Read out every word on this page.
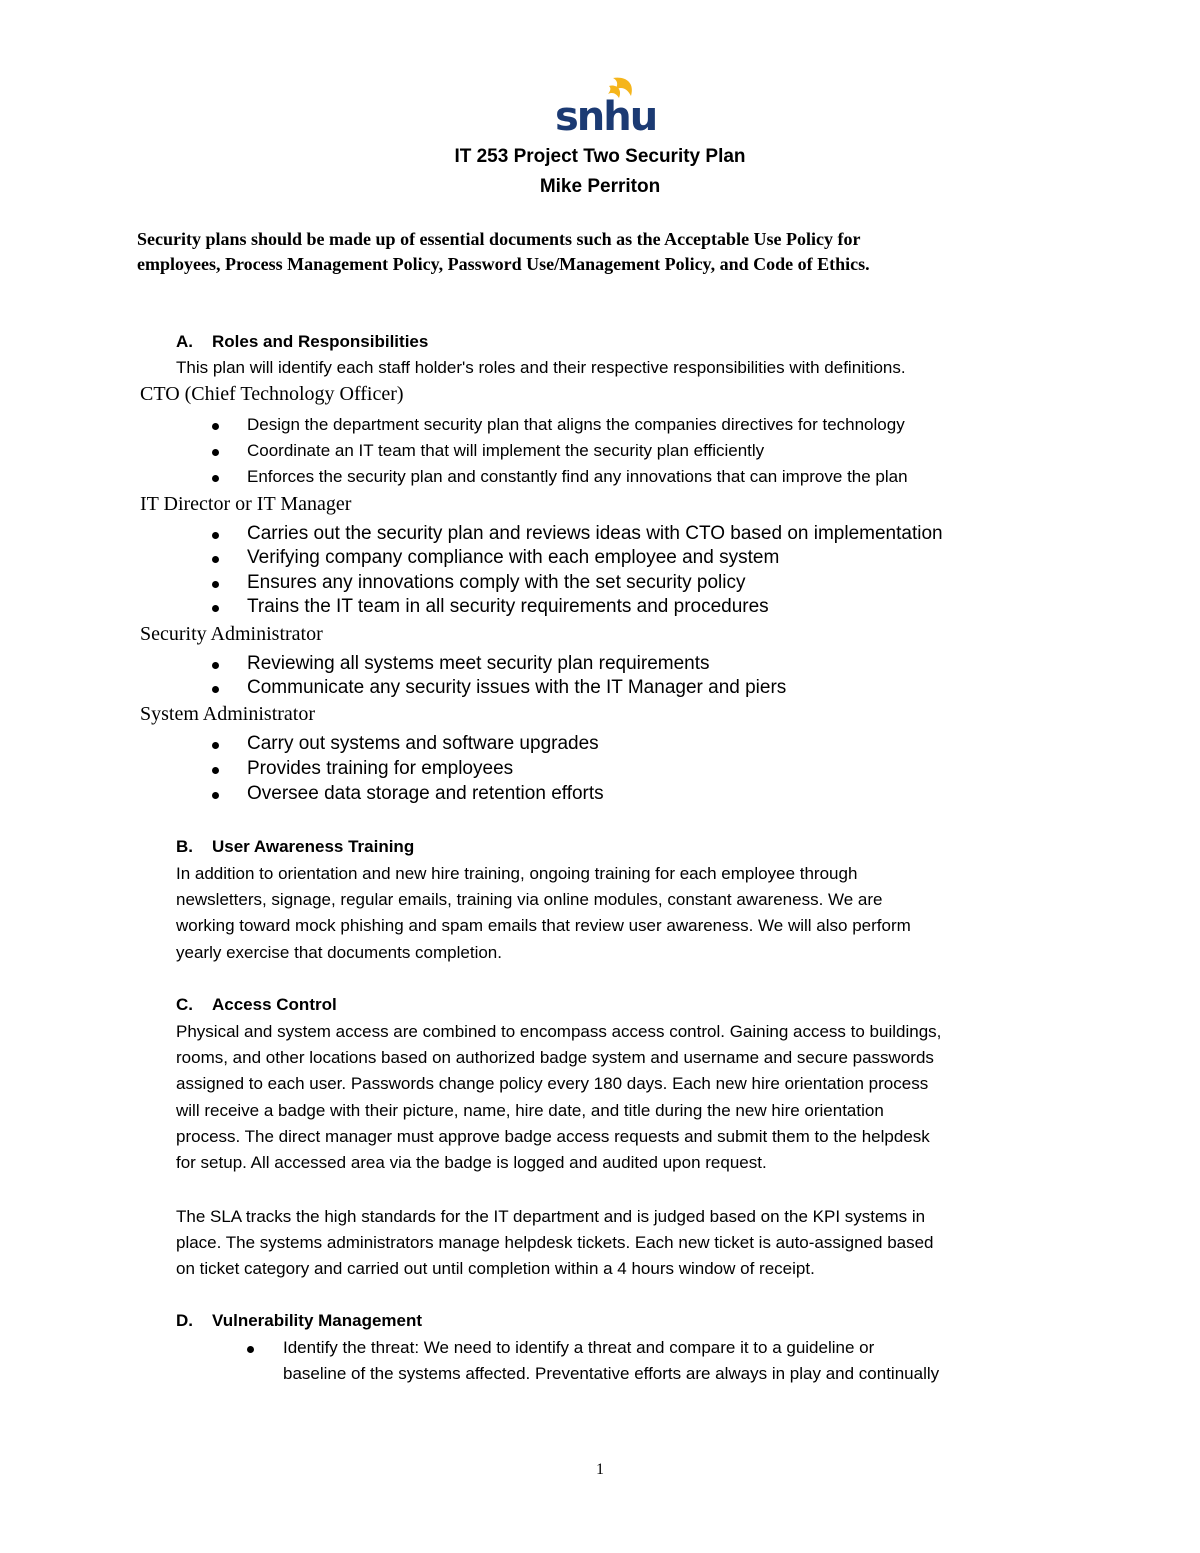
snhu
IT 253 Project Two Security Plan
Mike Perriton
Security plans should be made up of essential documents such as the Acceptable Use Policy for
employees, Process Management Policy, Password Use/Management Policy, and Code of Ethics.
A. Roles and Responsibilities
This plan will identify each staff holder's roles and their respective responsibilities with definitions.
CTO (Chief Technology Officer)
Design the department security plan that aligns the companies directives for technology
Coordinate an IT team that will implement the security plan efficiently
Enforces the security plan and constantly find any innovations that can improve the plan
IT Director or IT Manager
Carries out the security plan and reviews ideas with CTO based on implementation
Verifying company compliance with each employee and system
Ensures any innovations comply with the set security policy
Trains the IT team in all security requirements and procedures
Security Administrator
Reviewing all systems meet security plan requirements
Communicate any security issues with the IT Manager and piers
System Administrator
Carry out systems and software upgrades
Provides training for employees
Oversee data storage and retention efforts
B. User Awareness Training
In addition to orientation and new hire training, ongoing training for each employee through
newsletters, signage, regular emails, training via online modules, constant awareness. We are
working toward mock phishing and spam emails that review user awareness. We will also perform
yearly exercise that documents completion.
C. Access Control
Physical and system access are combined to encompass access control. Gaining access to buildings,
rooms, and other locations based on authorized badge system and username and secure passwords
assigned to each user. Passwords change policy every 180 days. Each new hire orientation process
will receive a badge with their picture, name, hire date, and title during the new hire orientation
process. The direct manager must approve badge access requests and submit them to the helpdesk
for setup. All accessed area via the badge is logged and audited upon request.
The SLA tracks the high standards for the IT department and is judged based on the KPI systems in
place. The systems administrators manage helpdesk tickets. Each new ticket is auto-assigned based
on ticket category and carried out until completion within a 4 hours window of receipt.
D. Vulnerability Management
Identify the threat: We need to identify a threat and compare it to a guideline or
baseline of the systems affected. Preventative efforts are always in play and continually
1
